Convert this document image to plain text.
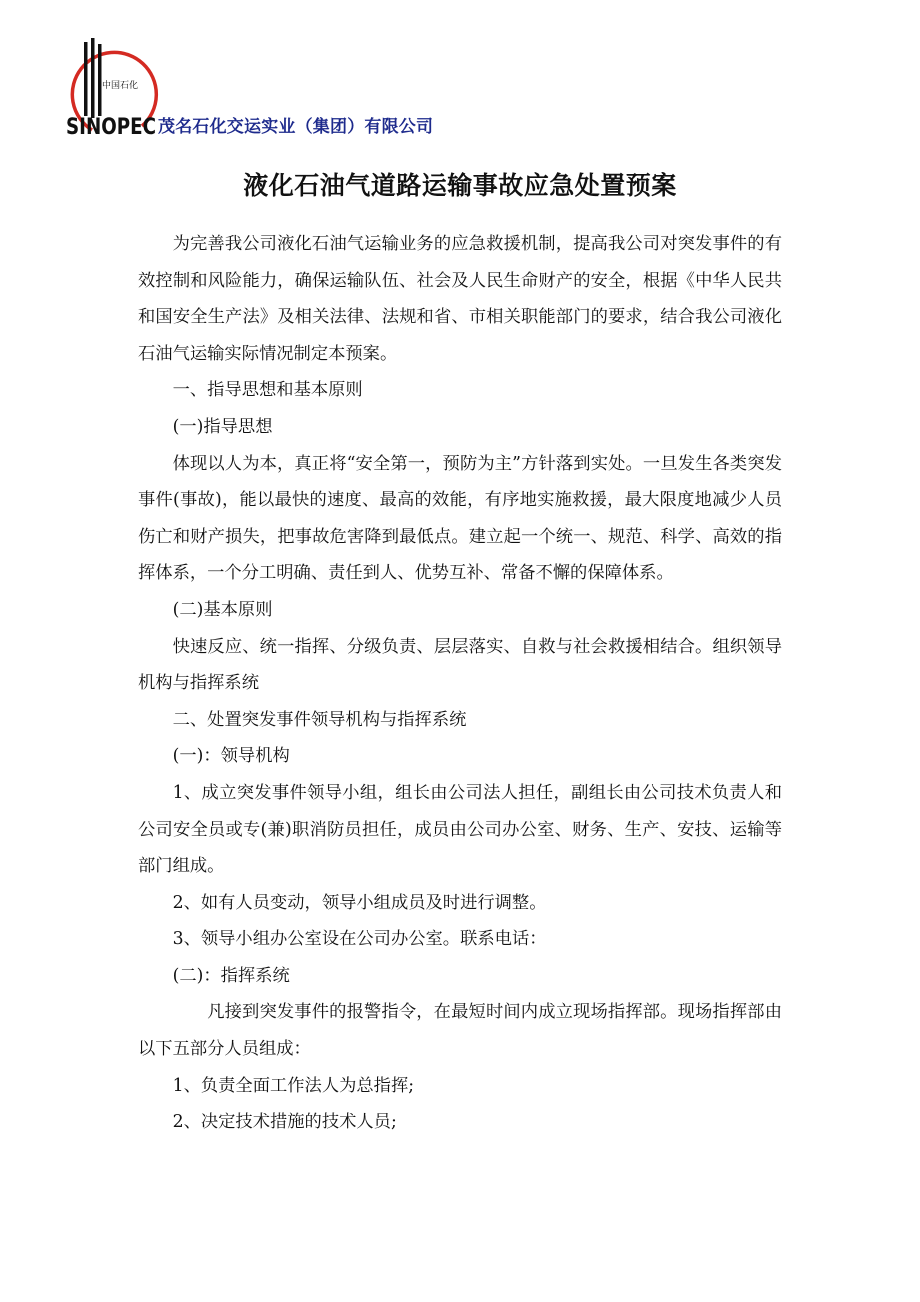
中国石化
SINOPEC 茂名石化交运实业（集团）有限公司
液化石油气道路运输事故应急处置预案

为完善我公司液化石油气运输业务的应急救援机制，提高我公司对突发事件的有效控制和风险能力，确保运输队伍、社会及人民生命财产的安全，根据《中华人民共和国安全生产法》及相关法律、法规和省、市相关职能部门的要求，结合我公司液化石油气运输实际情况制定本预案。

一、指导思想和基本原则

(一)指导思想

体现以人为本，真正将“安全第一，预防为主”方针落到实处。一旦发生各类突发事件(事故)，能以最快的速度、最高的效能，有序地实施救援，最大限度地减少人员伤亡和财产损失，把事故危害降到最低点。建立起一个统一、规范、科学、高效的指挥体系，一个分工明确、责任到人、优势互补、常备不懈的保障体系。

(二)基本原则

快速反应、统一指挥、分级负责、层层落实、自救与社会救援相结合。组织领导机构与指挥系统

二、处置突发事件领导机构与指挥系统

(一)：领导机构

1、成立突发事件领导小组，组长由公司法人担任，副组长由公司技术负责人和公司安全员或专(兼)职消防员担任，成员由公司办公室、财务、生产、安技、运输等部门组成。

2、如有人员变动，领导小组成员及时进行调整。

3、领导小组办公室设在公司办公室。联系电话：

(二)：指挥系统

凡接到突发事件的报警指令，在最短时间内成立现场指挥部。现场指挥部由以下五部分人员组成：

1、负责全面工作法人为总指挥;

2、决定技术措施的技术人员;
